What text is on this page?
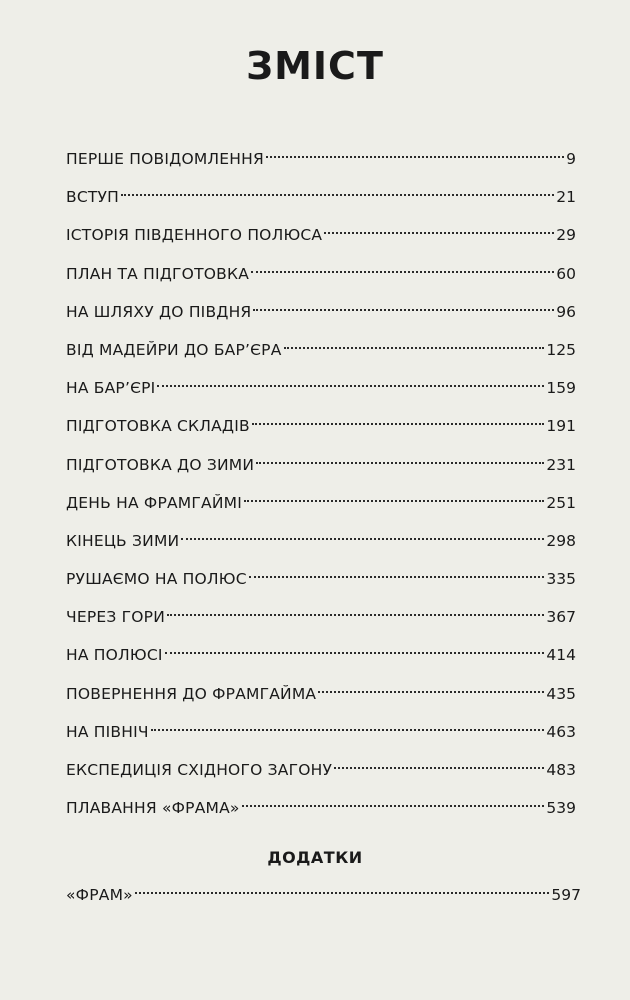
ЗМІСТ
ПЕРШЕ ПОВІДОМЛЕННЯ	9
ВСТУП	21
ІСТОРІЯ ПІВДЕННОГО ПОЛЮСА	29
ПЛАН ТА ПІДГОТОВКА	60
НА ШЛЯХУ ДО ПІВДНЯ	96
ВІД МАДЕЙРИ ДО БАР’ЄРА	125
НА БАР’ЄРІ	159
ПІДГОТОВКА СКЛАДІВ	191
ПІДГОТОВКА ДО ЗИМИ	231
ДЕНЬ НА ФРАМГАЙМІ	251
КІНЕЦЬ ЗИМИ	298
РУШАЄМО НА ПОЛЮС	335
ЧЕРЕЗ ГОРИ	367
НА ПОЛЮСІ	414
ПОВЕРНЕННЯ ДО ФРАМГАЙМА	435
НА ПІВНІЧ	463
ЕКСПЕДИЦІЯ СХІДНОГО ЗАГОНУ	483
ПЛАВАННЯ «ФРАМА»	539
ДОДАТКИ
«ФРАМ»	597
